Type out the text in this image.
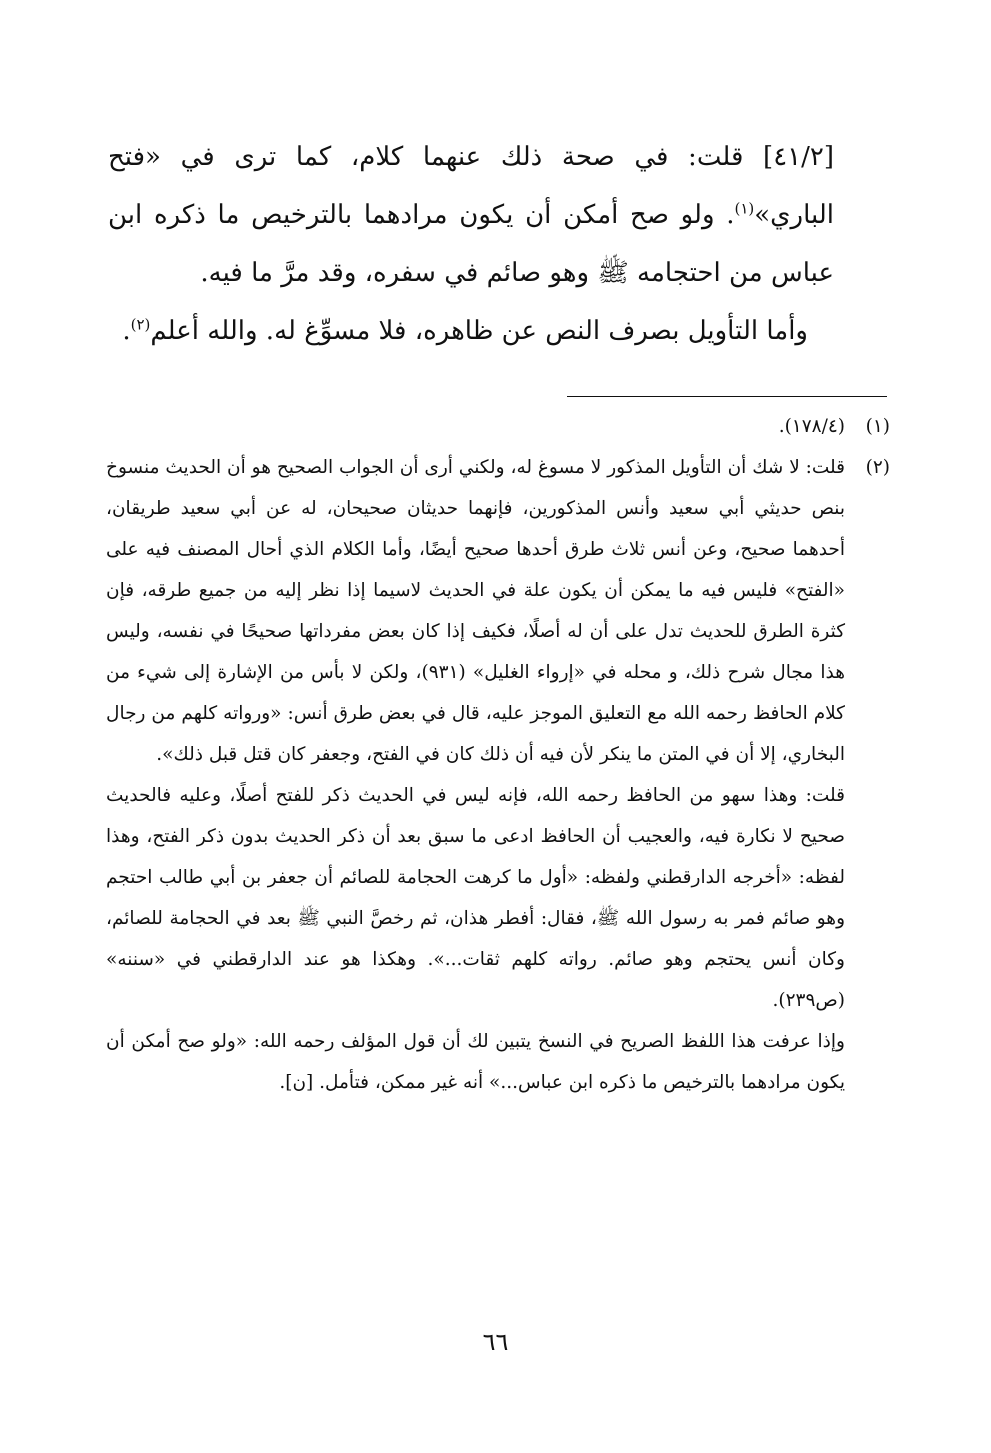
[٤١/٢] قلت: في صحة ذلك عنهما كلام، كما ترى في «فتح الباري»$^{(١)}$. ولو صح أمكن أن يكون مرادهما بالترخيص ما ذكره ابن عباس من احتجامه ﷺ وهو صائم في سفره، وقد مرَّ ما فيه.

 وأما التأويل بصرف النص عن ظاهره، فلا مسوِّغ له. والله أعلم$^{(٢)}$.

(١)

(١٧٨/٤).

(٢)

قلت: لا شك أن التأويل المذكور لا مسوغ له، ولكني أرى أن الجواب الصحيح هو أن الحديث منسوخ بنص حديثي أبي سعيد وأنس المذكورين، فإنهما حديثان صحيحان، له عن أبي سعيد طريقان، أحدهما صحيح، وعن أنس ثلاث طرق أحدها صحيح أيضًا، وأما الكلام الذي أحال المصنف فيه على «الفتح» فليس فيه ما يمكن أن يكون علة في الحديث لاسيما إذا نظر إليه من جميع طرقه، فإن كثرة الطرق للحديث تدل على أن له أصلًا، فكيف إذا كان بعض مفرداتها صحيحًا في نفسه، وليس هذا مجال شرح ذلك، و محله في «إرواء الغليل» (٩٣١)، ولكن لا بأس من الإشارة إلى شيء من كلام الحافظ رحمه الله مع التعليق الموجز عليه، قال في بعض طرق أنس: «ورواته كلهم من رجال البخاري، إلا أن في المتن ما ينكر لأن فيه أن ذلك كان في الفتح، وجعفر كان قتل قبل ذلك».

قلت: وهذا سهو من الحافظ رحمه الله، فإنه ليس في الحديث ذكر للفتح أصلًا، وعليه فالحديث صحيح لا نكارة فيه، والعجيب أن الحافظ ادعى ما سبق بعد أن ذكر الحديث بدون ذكر الفتح، وهذا لفظه: «أخرجه الدارقطني ولفظه: «أول ما كرهت الحجامة للصائم أن جعفر بن أبي طالب احتجم وهو صائم فمر به رسول الله ﷺ، فقال: أفطر هذان، ثم رخصَّ النبي ﷺ بعد في الحجامة للصائم، وكان أنس يحتجم وهو صائم. رواته كلهم ثقات...». وهكذا هو عند الدارقطني في «سننه» (ص٢٣٩).

وإذا عرفت هذا اللفظ الصريح في النسخ يتبين لك أن قول المؤلف رحمه الله: «ولو صح أمكن أن يكون مرادهما بالترخيص ما ذكره ابن عباس...» أنه غير ممكن، فتأمل. [ن].

٦٦
